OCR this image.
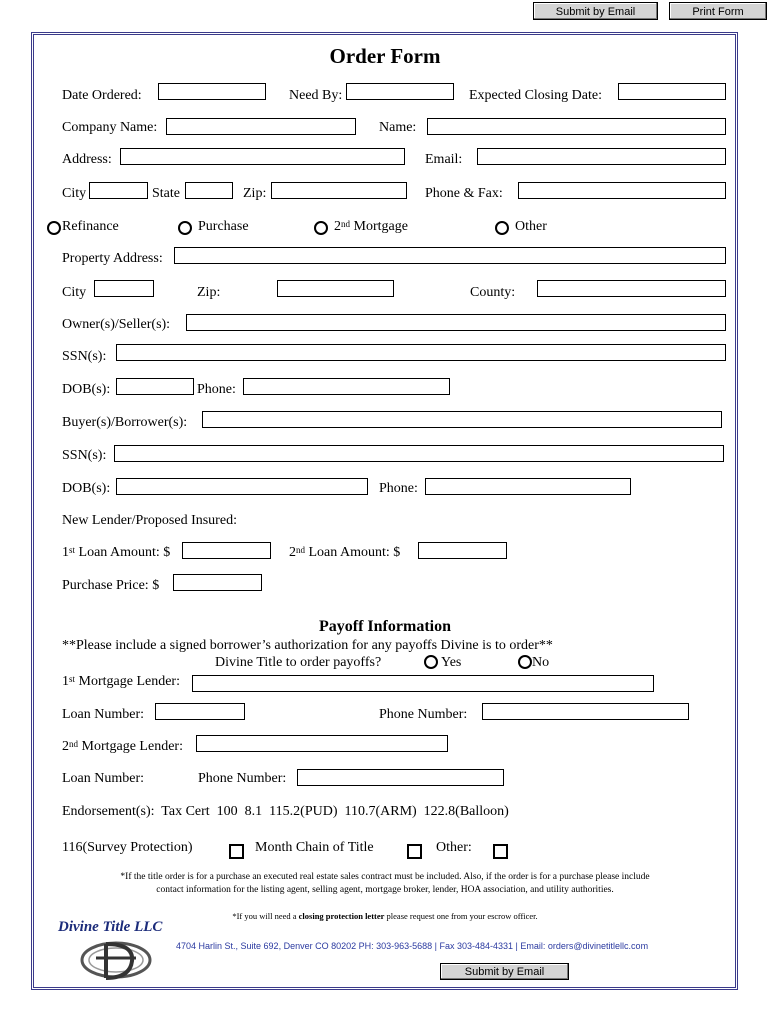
Submit by Email	Print Form
Order Form
Date Ordered:	Need By:	Expected Closing Date:
Company Name:	Name:
Address:	Email:
City	State	Zip:	Phone & Fax:
Refinance	Purchase	2nd Mortgage	Other
Property Address:
City	Zip:	County:
Owner(s)/Seller(s):
SSN(s):
DOB(s):	Phone:
Buyer(s)/Borrower(s):
SSN(s):
DOB(s):	Phone:
New Lender/Proposed Insured:
1st Loan Amount: $	2nd Loan Amount: $
Purchase Price: $
Payoff Information
**Please include a signed borrower’s authorization for any payoffs Divine is to order**
Divine Title to order payoffs?	Yes	No
1st Mortgage Lender:
Loan Number:	Phone Number:
2nd Mortgage Lender:
Loan Number:	Phone Number:
Endorsement(s):  Tax Cert  100  8.1  115.2(PUD)  110.7(ARM)  122.8(Balloon)
116(Survey Protection)	Month Chain of Title	Other:
*If the title order is for a purchase an executed real estate sales contract must be included. Also, if the order is for a purchase please include
contact information for the listing agent, selling agent, mortgage broker, lender, HOA association, and utility authorities.
*If you will need a closing protection letter please request one from your escrow officer.
Divine Title LLC
4704 Harlin St., Suite 692, Denver CO 80202 PH: 303-963-5688 | Fax 303-484-4331 | Email: orders@divinetitlellc.com
Submit by Email
